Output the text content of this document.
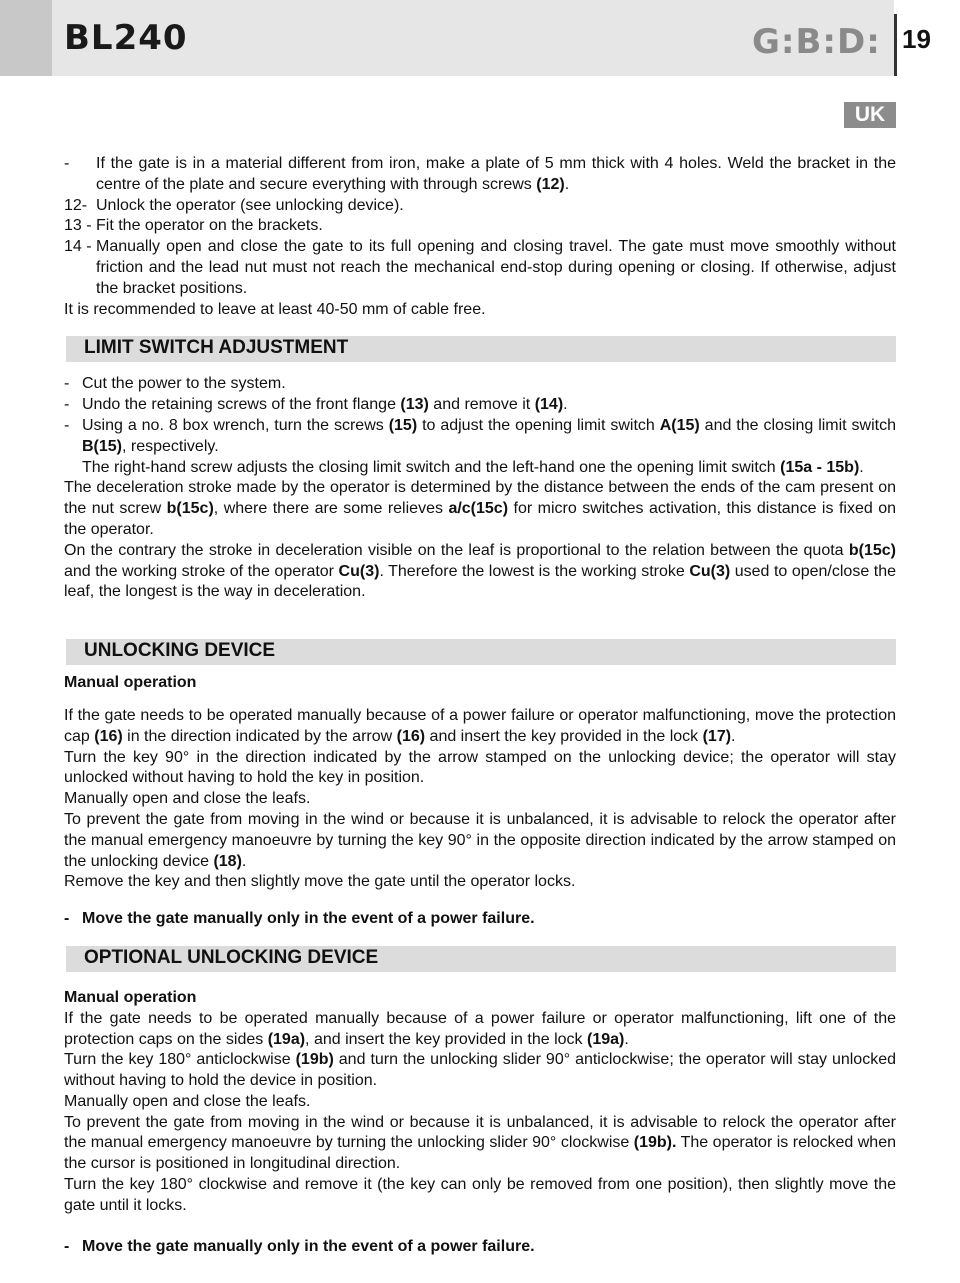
BL240	G:B:D: 19
UK

- If the gate is in a material different from iron, make a plate of 5 mm thick with 4 holes. Weld the bracket in the centre of the plate and secure everything with through screws (12).

12- Unlock the operator (see unlocking device).

13 - Fit the operator on the brackets.

14 - Manually open and close the gate to its full opening and closing travel. The gate must move smoothly without friction and the lead nut must not reach the mechanical end-stop during opening or closing. If otherwise, adjust the bracket positions.

It is recommended to leave at least 40-50 mm of cable free.

LIMIT SWITCH ADJUSTMENT

- Cut the power to the system.

- Undo the retaining screws of the front flange (13) and remove it (14).

- Using a no. 8 box wrench, turn the screws (15) to adjust the opening limit switch A(15) and the closing limit switch B(15), respectively.

The right-hand screw adjusts the closing limit switch and the left-hand one the opening limit switch (15a - 15b).

The deceleration stroke made by the operator is determined by the distance between the ends of the cam present on the nut screw b(15c), where there are some relieves a/c(15c) for micro switches activation, this distance is fixed on the operator.

On the contrary the stroke in deceleration visible on the leaf is proportional to the relation between the quota b(15c) and the working stroke of the operator Cu(3). Therefore the lowest is the working stroke Cu(3) used to open/close the leaf, the longest is the way in deceleration.

UNLOCKING DEVICE

Manual operation

If the gate needs to be operated manually because of a power failure or operator malfunctioning, move the protection cap (16) in the direction indicated by the arrow (16) and insert the key provided in the lock (17).

Turn the key 90° in the direction indicated by the arrow stamped on the unlocking device; the operator will stay unlocked without having to hold the key in position.

Manually open and close the leafs.

To prevent the gate from moving in the wind or because it is unbalanced, it is advisable to relock the operator after the manual emergency manoeuvre by turning the key 90° in the opposite direction indicated by the arrow stamped on the unlocking device (18).

Remove the key and then slightly move the gate until the operator locks.

- Move the gate manually only in the event of a power failure.

OPTIONAL UNLOCKING DEVICE

Manual operation

If the gate needs to be operated manually because of a power failure or operator malfunctioning, lift one of the protection caps on the sides (19a), and insert the key provided in the lock (19a).

Turn the key 180° anticlockwise (19b) and turn the unlocking slider 90° anticlockwise; the operator will stay unlocked without having to hold the device in position.

Manually open and close the leafs.

To prevent the gate from moving in the wind or because it is unbalanced, it is advisable to relock the operator after the manual emergency manoeuvre by turning the unlocking slider 90° clockwise (19b). The operator is relocked when the cursor is positioned in longitudinal direction.

Turn the key 180° clockwise and remove it (the key can only be removed from one position), then slightly move the gate until it locks.

- Move the gate manually only in the event of a power failure.
